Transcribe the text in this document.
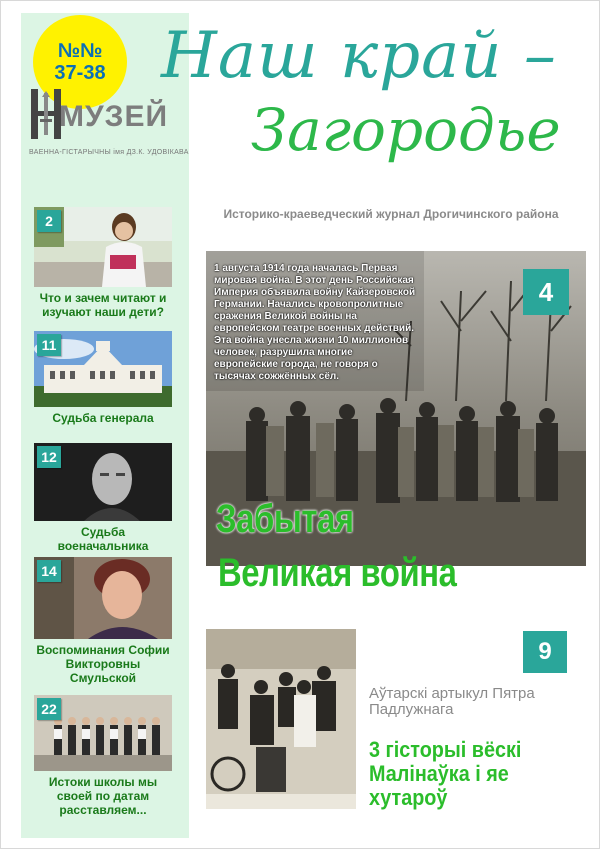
№№
37-38
МУЗЕЙ
ВАЕННА-ГІСТАРЫЧНЫ імя ДЗ.К. УДОВІКАВА
2
Что и зачем читают и изучают наши дети?
11
Судьба генерала
12
Судьба военачальника
14
Воспоминания Софии Викторовны Смульской
22
Истоки школы мы своей по датам расставляем...
Наш край –
Загородье
Историко-краеведческий журнал Дрогичинского района
1 августа 1914 года началась Первая мировая война. В этот день Российская Империя объявила войну Кайзеровской Германии. Начались кровопролитные сражения Великой войны на европейском театре военных действий. Эта война унесла жизни 10 миллионов человек, разрушила многие европейские города, не говоря о тысячах сожжённых сёл.
4
Забытая
Великая война
9
Аўтарскі артыкул Пятра Падлужнага
3 гісторыі вёскі Малінаўка і яе хутароў
